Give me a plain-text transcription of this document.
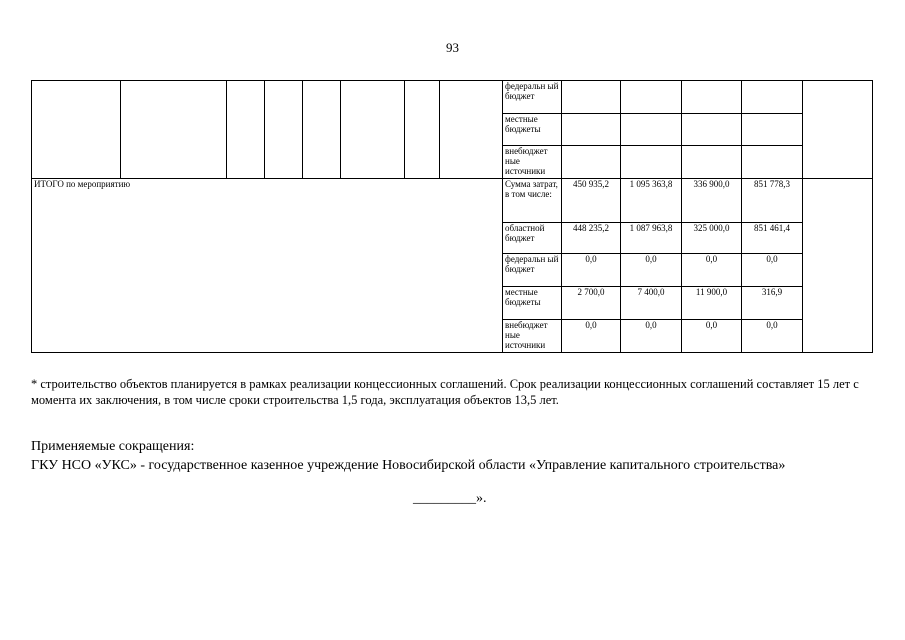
93
								федеральн ый бюджет					
								местные бюджеты					
								внебюджет ные источники					
ИТОГО по мероприятию								Сумма затрат, в том числе:	450 935,2	1 095 363,8	336 900,0	851 778,3	
								областной бюджет	448 235,2	1 087 963,8	325 000,0	851 461,4	
								федеральн ый бюджет	0,0	0,0	0,0	0,0	
								местные бюджеты	2 700,0	7 400,0	11 900,0	316,9	
								внебюджет ные источники	0,0	0,0	0,0	0,0	
* строительство объектов планируется в рамках реализации концессионных соглашений. Срок реализации концессионных соглашений составляет 15 лет с момента их заключения, в том числе сроки строительства 1,5 года, эксплуатация объектов 13,5 лет.
Применяемые сокращения:
ГКУ НСО «УКС» - государственное казенное учреждение Новосибирской области «Управление капитального строительства»
_________».
